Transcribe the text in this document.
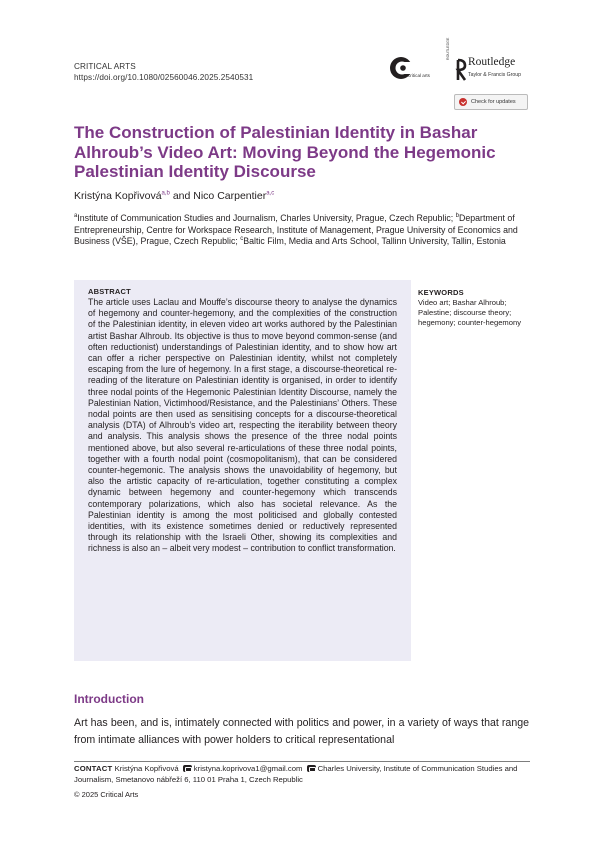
CRITICAL ARTS
https://doi.org/10.1080/02560046.2025.2540531	critical arts
ROUTLEDGE
Routledge
Taylor & Francis Group
Check for updates
The Construction of Palestinian Identity in Bashar Alhroub’s Video Art: Moving Beyond the Hegemonic Palestinian Identity Discourse
Kristýna Kopřivová$^{a,b}$ and Nico Carpentier$^{a,c}$
$^a$Institute of Communication Studies and Journalism, Charles University, Prague, Czech Republic; $^b$Department of Entrepreneurship, Centre for Workspace Research, Institute of Management, Prague University of Economics and Business (VŠE), Prague, Czech Republic; $^c$Baltic Film, Media and Arts School, Tallinn University, Tallin, Estonia
ABSTRACT

The article uses Laclau and Mouffe’s discourse theory to analyse the dynamics of hegemony and counter-hegemony, and the complexities of the construction of the Palestinian identity, in eleven video art works authored by the Palestinian artist Bashar Alhroub. Its objective is thus to move beyond common-sense (and often reductionist) understandings of Palestinian identity, and to show how art can offer a richer perspective on Palestinian identity, whilst not completely escaping from the lure of hegemony. In a first stage, a discourse-theoretical re-reading of the literature on Palestinian identity is organised, in order to identify three nodal points of the Hegemonic Palestinian Identity Discourse, namely the Palestinian Nation, Victimhood/Resistance, and the Palestinians’ Others. These nodal points are then used as sensitising concepts for a discourse-theoretical analysis (DTA) of Alhroub’s video art, respecting the iterability between theory and analysis. This analysis shows the presence of the three nodal points mentioned above, but also several re-articulations of these three nodal points, together with a fourth nodal point (cosmopolitanism), that can be considered counter-hegemonic. The analysis shows the unavoidability of hegemony, but also the artistic capacity of re-articulation, together constituting a complex dynamic between hegemony and counter-hegemony which transcends contemporary polarizations, which also has societal relevance. As the Palestinian identity is among the most politicised and globally contested identities, with its existence sometimes denied or reductively represented through its relationship with the Israeli Other, showing its complexities and richness is also an – albeit very modest – contribution to conflict transformation.

KEYWORDS
Video art; Bashar Alhroub; Palestine; discourse theory; hegemony; counter-hegemony
Introduction

Art has been, and is, intimately connected with politics and power, in a variety of ways that range from intimate alliances with power holders to critical representational

CONTACT Kristýna Kopřivová kristyna.koprivova1@gmail.com Charles University, Institute of Communication Studies and Journalism, Smetanovo nábřeží 6, 110 01 Praha 1, Czech Republic
© 2025 Critical Arts
